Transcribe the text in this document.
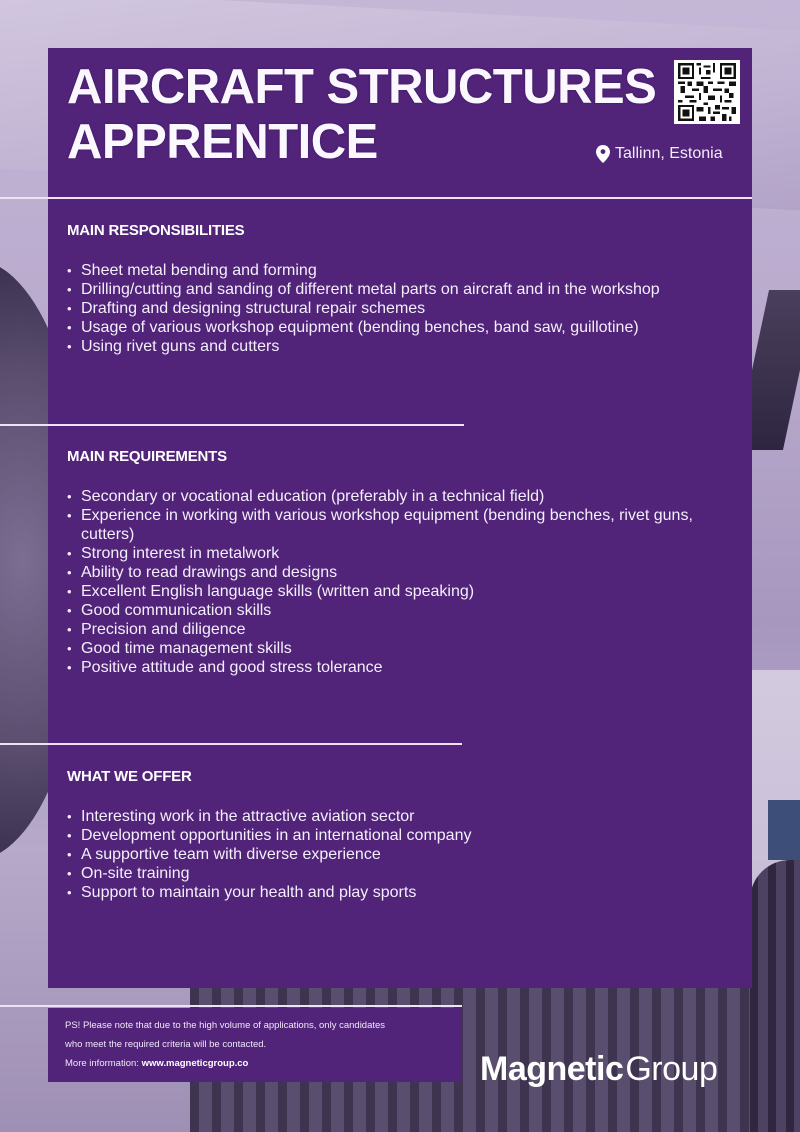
AIRCRAFT STRUCTURES
APPRENTICE	Tallinn, Estonia
MAIN RESPONSIBILITIES
• Sheet metal bending and forming
• Drilling/cutting and sanding of different metal parts on aircraft and in the workshop
• Drafting and designing structural repair schemes
• Usage of various workshop equipment (bending benches, band saw, guillotine)
• Using rivet guns and cutters
MAIN REQUIREMENTS
• Secondary or vocational education (preferably in a technical field)
• Experience in working with various workshop equipment (bending benches, rivet guns, cutters)
• Strong interest in metalwork
• Ability to read drawings and designs
• Excellent English language skills (written and speaking)
• Good communication skills
• Precision and diligence
• Good time management skills
• Positive attitude and good stress tolerance
WHAT WE OFFER
• Interesting work in the attractive aviation sector
• Development opportunities in an international company
• A supportive team with diverse experience
• On-site training
• Support to maintain your health and play sports

PS! Please note that due to the high volume of applications, only candidates

who meet the required criteria will be contacted.

More information: www.magneticgroup.co	Magnetic Group
